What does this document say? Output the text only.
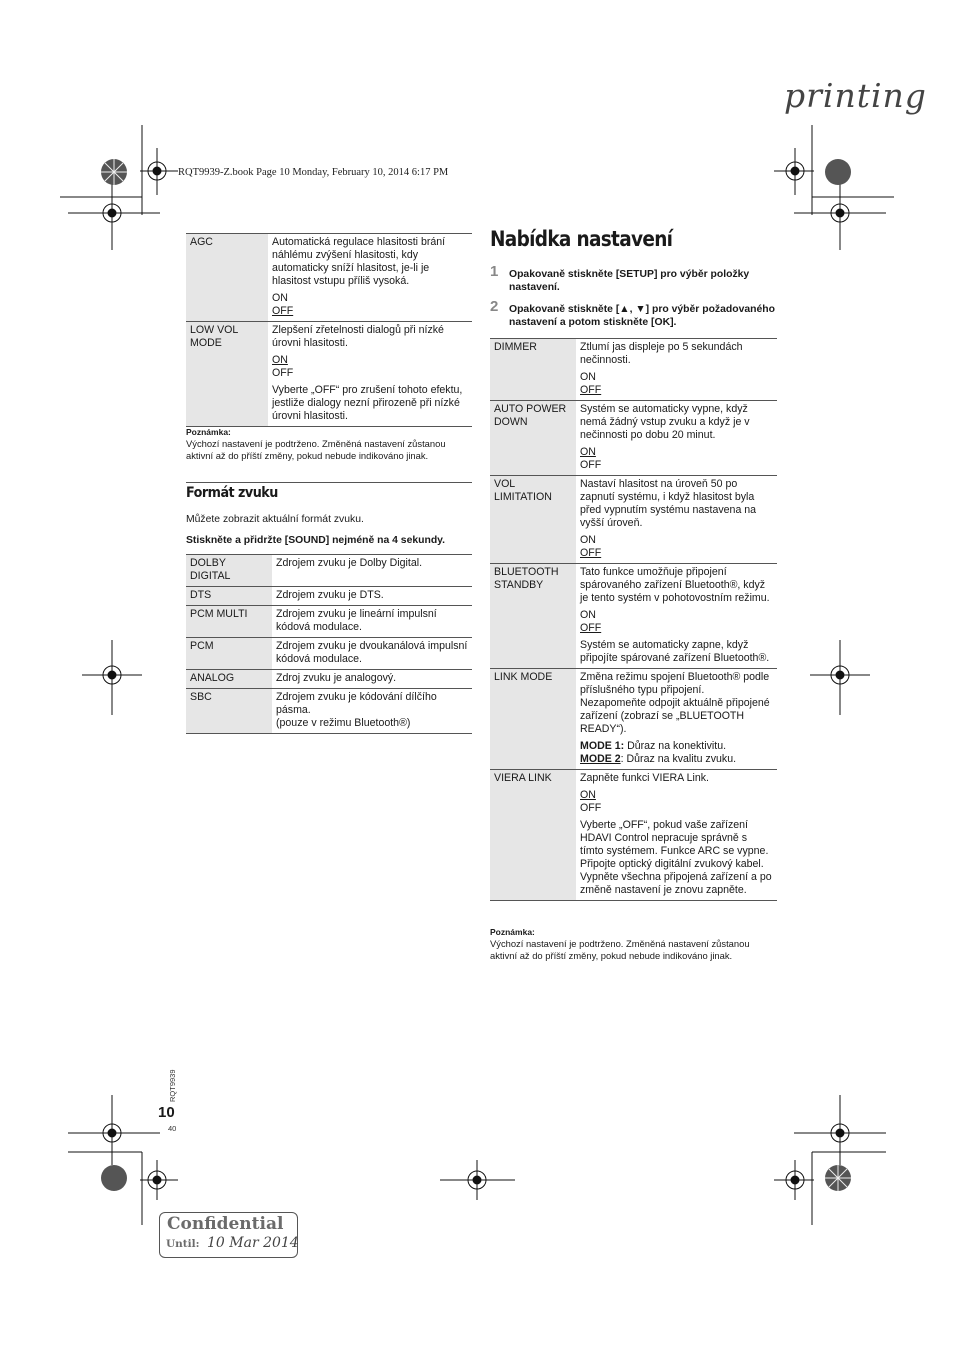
printing
RQT9939-Z.book Page 10 Monday, February 10, 2014 6:17 PM
AGC	Automatická regulace hlasitosti brání náhlému zvýšení hlasitosti, kdy automaticky sníží hlasitost, je-li je hlasitost vstupu příliš vysoká.

ON

OFF

LOW VOL MODE	Zlepšení zřetelnosti dialogů při nízké úrovni hlasitosti.

ON

OFF

Vyberte „OFF“ pro zrušení tohoto efektu, jestliže dialogy nezní přirozeně při nízké úrovni hlasitosti.

Poznámka:
Výchozí nastavení je podtrženo. Změněná nastavení zůstanou aktivní až do příští změny, pokud nebude indikováno jinak.
Formát zvuku
Můžete zobrazit aktuální formát zvuku.
Stiskněte a přidržte [SOUND] nejméně na 4 sekundy.
DOLBY DIGITAL	Zdrojem zvuku je Dolby Digital.
DTS	Zdrojem zvuku je DTS.
PCM MULTI	Zdrojem zvuku je lineární impulsní kódová modulace.
PCM	Zdrojem zvuku je dvoukanálová impulsní kódová modulace.
ANALOG	Zdroj zvuku je analogový.
SBC	Zdrojem zvuku je kódování dílčího pásma.

(pouze v režimu Bluetooth®)

Nabídka nastavení
1 Opakovaně stiskněte [SETUP] pro výběr položky nastavení.
2 Opakovaně stiskněte [▲, ▼] pro výběr požadovaného nastavení a potom stiskněte [OK].
DIMMER	Ztlumí jas displeje po 5 sekundách nečinnosti.

ON

OFF

AUTO POWER DOWN	Systém se automaticky vypne, když nemá žádný vstup zvuku a když je v nečinnosti po dobu 20 minut.

ON

OFF

VOL LIMITATION	Nastaví hlasitost na úroveň 50 po zapnutí systému, i když hlasitost byla před vypnutím systému nastavena na vyšší úroveň.

ON

OFF

BLUETOOTH STANDBY	Tato funkce umožňuje připojení spárovaného zařízení Bluetooth®, když je tento systém v pohotovostním režimu.

ON

OFF

Systém se automaticky zapne, když připojíte spárované zařízení Bluetooth®.

LINK MODE	Změna režimu spojení Bluetooth® podle příslušného typu připojení. Nezapomeňte odpojit aktuálně připojené zařízení (zobrazí se „BLUETOOTH READY“).

MODE 1: Důraz na konektivitu.

MODE 2: Důraz na kvalitu zvuku.

VIERA LINK	Zapněte funkci VIERA Link.

ON

OFF

Vyberte „OFF“, pokud vaše zařízení HDAVI Control nepracuje správně s tímto systémem. Funkce ARC se vypne. Připojte optický digitální zvukový kabel.

Vypněte všechna připojená zařízení a po změně nastavení je znovu zapněte.

Poznámka:
Výchozí nastavení je podtrženo. Změněná nastavení zůstanou aktivní až do příští změny, pokud nebude indikováno jinak.
RQT9939
10
40
Confidential
Until: 10 Mar 2014
